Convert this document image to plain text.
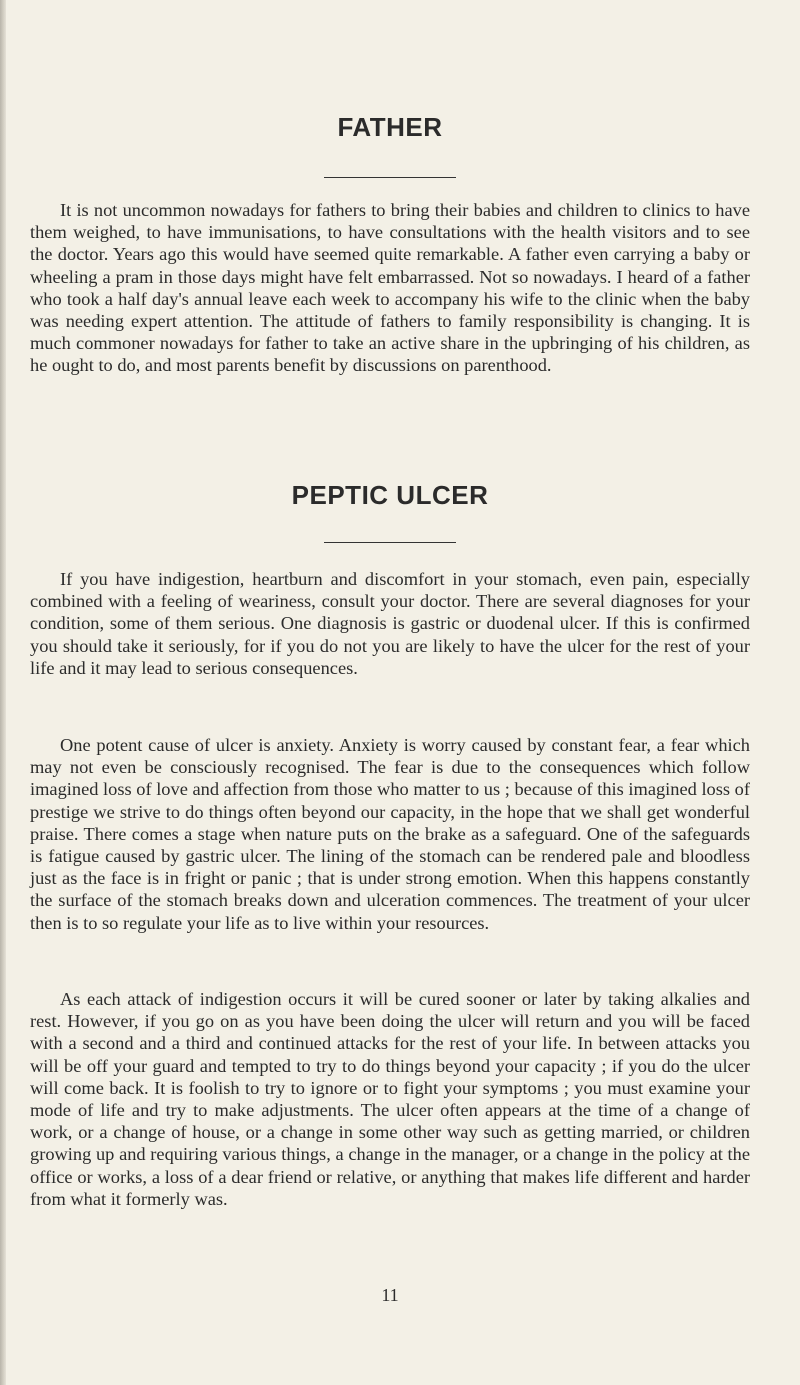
FATHER

It is not uncommon nowadays for fathers to bring their babies and children to clinics to have them weighed, to have immunisations, to have consultations with the health visitors and to see the doctor. Years ago this would have seemed quite remarkable. A father even carrying a baby or wheeling a pram in those days might have felt embarrassed. Not so nowadays. I heard of a father who took a half day's annual leave each week to accompany his wife to the clinic when the baby was needing expert attention. The attitude of fathers to family responsibility is changing. It is much commoner nowadays for father to take an active share in the upbringing of his children, as he ought to do, and most parents benefit by discussions on parenthood.

PEPTIC ULCER

If you have indigestion, heartburn and discomfort in your stomach, even pain, especially combined with a feeling of weariness, consult your doctor. There are several diagnoses for your condition, some of them serious. One diagnosis is gastric or duodenal ulcer. If this is confirmed you should take it seriously, for if you do not you are likely to have the ulcer for the rest of your life and it may lead to serious consequences.

One potent cause of ulcer is anxiety. Anxiety is worry caused by constant fear, a fear which may not even be consciously recognised. The fear is due to the consequences which follow imagined loss of love and affection from those who matter to us ; because of this imagined loss of prestige we strive to do things often beyond our capacity, in the hope that we shall get wonderful praise. There comes a stage when nature puts on the brake as a safeguard. One of the safeguards is fatigue caused by gastric ulcer. The lining of the stomach can be rendered pale and bloodless just as the face is in fright or panic ; that is under strong emotion. When this happens constantly the surface of the stomach breaks down and ulceration commences. The treatment of your ulcer then is to so regulate your life as to live within your resources.

As each attack of indigestion occurs it will be cured sooner or later by taking alkalies and rest. However, if you go on as you have been doing the ulcer will return and you will be faced with a second and a third and continued attacks for the rest of your life. In between attacks you will be off your guard and tempted to try to do things beyond your capacity ; if you do the ulcer will come back. It is foolish to try to ignore or to fight your symptoms ; you must examine your mode of life and try to make adjustments. The ulcer often appears at the time of a change of work, or a change of house, or a change in some other way such as getting married, or children growing up and requiring various things, a change in the manager, or a change in the policy at the office or works, a loss of a dear friend or relative, or anything that makes life different and harder from what it formerly was.

11
